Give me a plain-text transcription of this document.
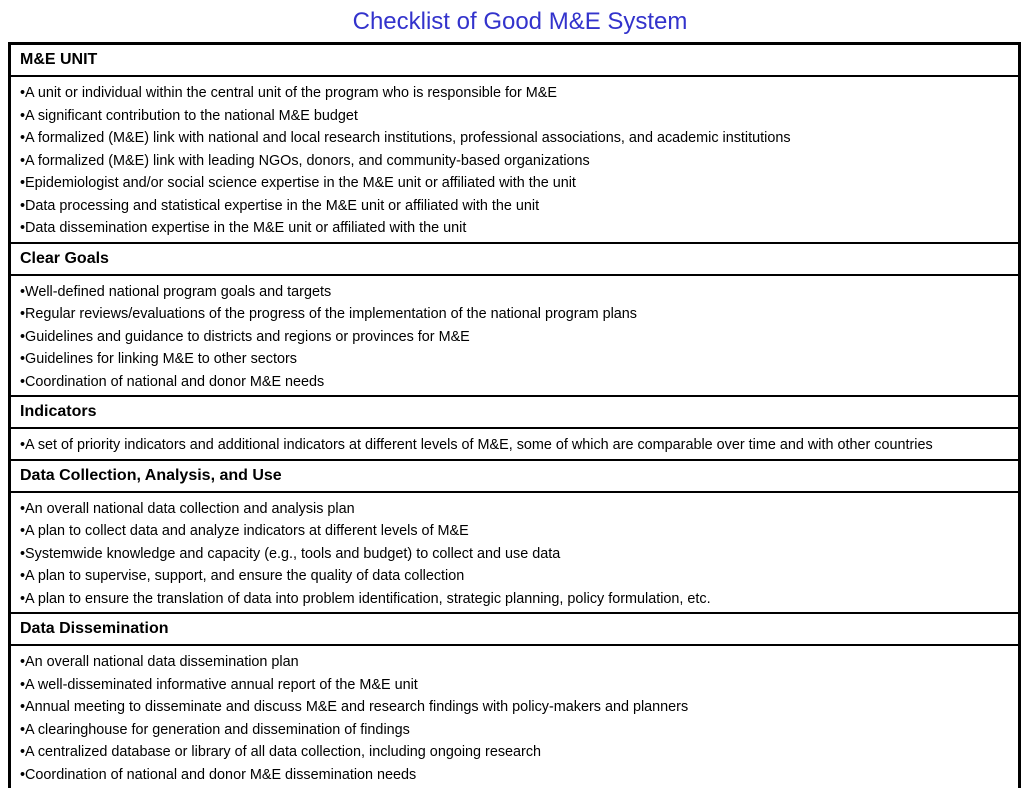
Checklist of Good M&E System
M&E UNIT
•A unit or individual within the central unit of the program who is responsible for M&E
•A significant contribution to the national M&E budget
•A formalized (M&E) link with national and local research institutions, professional associations, and academic institutions
•A formalized (M&E) link with leading NGOs, donors, and community-based organizations
•Epidemiologist and/or social science expertise in the M&E unit or affiliated with the unit
•Data processing and statistical expertise in the M&E unit or affiliated with the unit
•Data dissemination expertise in the M&E unit or affiliated with the unit
Clear Goals
•Well-defined national program goals and targets
•Regular reviews/evaluations of the progress of the implementation of the national program plans
•Guidelines and guidance to districts and regions or provinces for M&E
•Guidelines for linking M&E to other sectors
•Coordination of national and donor M&E needs
Indicators
•A set of priority indicators and additional indicators at different levels of M&E, some of which are comparable over time and with other countries
Data Collection, Analysis, and Use
•An overall national data collection and analysis plan
•A plan to collect data and analyze indicators at different levels of M&E
•Systemwide knowledge and capacity (e.g., tools and budget) to collect and use data
•A plan to supervise, support, and ensure the quality of data collection
•A plan to ensure the translation of data into problem identification, strategic planning, policy formulation, etc.
Data Dissemination
•An overall national data dissemination plan
•A well-disseminated informative annual report of the M&E unit
•Annual meeting to disseminate and discuss M&E and research findings with policy-makers and planners
•A clearinghouse for generation and dissemination of findings
•A centralized database or library of all data collection, including ongoing research
•Coordination of national and donor M&E dissemination needs
